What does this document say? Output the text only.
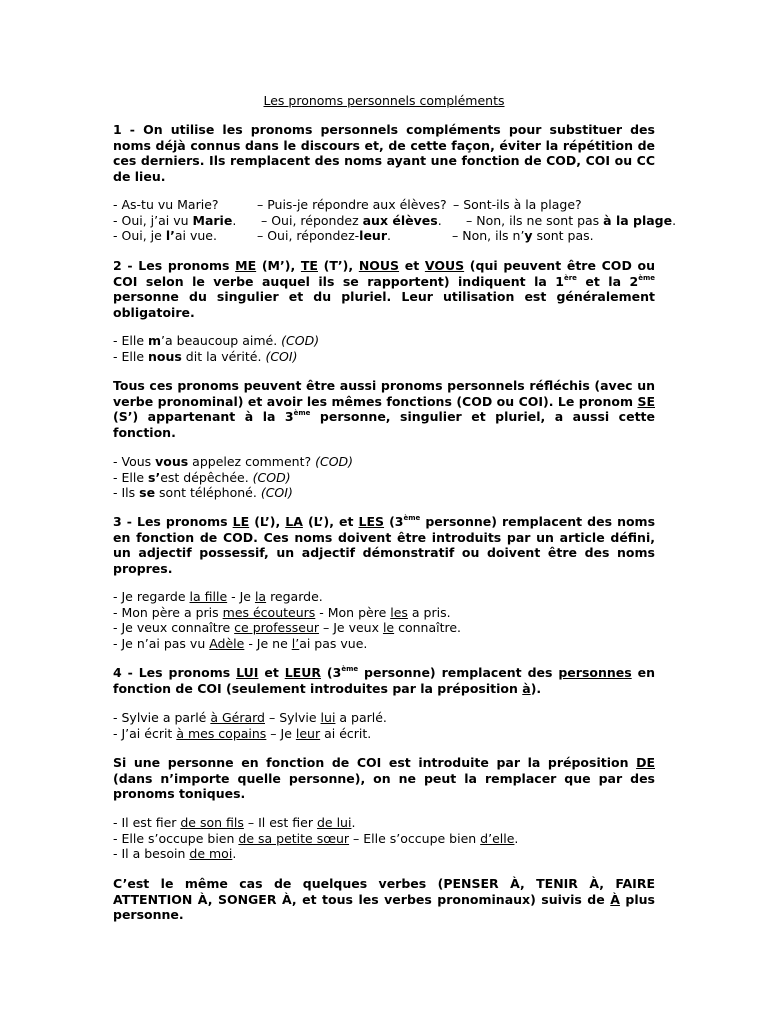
Les pronoms personnels compléments
1 - On utilise les pronoms personnels compléments pour substituer des noms déjà connus dans le discours et, de cette façon, éviter la répétition de ces derniers. Ils remplacent des noms ayant une fonction de COD, COI ou CC de lieu.
- As-tu vu Marie?	– Puis-je répondre aux élèves? – Sont-ils à la plage?
- Oui, j’ai vu Marie. – Oui, répondez aux élèves. – Non, ils ne sont pas à la plage.
- Oui, je l’ai vue.	– Oui, répondez-leur.	– Non, ils n’y sont pas.
2 - Les pronoms ME (M’), TE (T’), NOUS et VOUS (qui peuvent être COD ou COI selon le verbe auquel ils se rapportent) indiquent la 1ère et la 2ème personne du singulier et du pluriel. Leur utilisation est généralement obligatoire.
- Elle m’a beaucoup aimé. (COD)
- Elle nous dit la vérité. (COI)
Tous ces pronoms peuvent être aussi pronoms personnels réfléchis (avec un verbe pronominal) et avoir les mêmes fonctions (COD ou COI). Le pronom SE (S’) appartenant à la 3ème personne, singulier et pluriel, a aussi cette fonction.
- Vous vous appelez comment? (COD)
- Elle s’est dépêchée. (COD)
- Ils se sont téléphoné. (COI)
3 - Les pronoms LE (L’), LA (L’), et LES (3ème personne) remplacent des noms en fonction de COD. Ces noms doivent être introduits par un article défini, un adjectif possessif, un adjectif démonstratif ou doivent être des noms propres.
- Je regarde la fille - Je la regarde.
- Mon père a pris mes écouteurs - Mon père les a pris.
- Je veux connaître ce professeur – Je veux le connaître.
- Je n’ai pas vu Adèle - Je ne l’ai pas vue.
4 - Les pronoms LUI et LEUR (3ème personne) remplacent des personnes en fonction de COI (seulement introduites par la préposition à).
- Sylvie a parlé à Gérard – Sylvie lui a parlé.
- J’ai écrit à mes copains – Je leur ai écrit.
Si une personne en fonction de COI est introduite par la préposition DE (dans n’importe quelle personne), on ne peut la remplacer que par des pronoms toniques.
- Il est fier de son fils – Il est fier de lui.
- Elle s’occupe bien de sa petite sœur – Elle s’occupe bien d’elle.
- Il a besoin de moi.
C’est le même cas de quelques verbes (PENSER À, TENIR À, FAIRE ATTENTION À, SONGER À, et tous les verbes pronominaux) suivis de À plus personne.
